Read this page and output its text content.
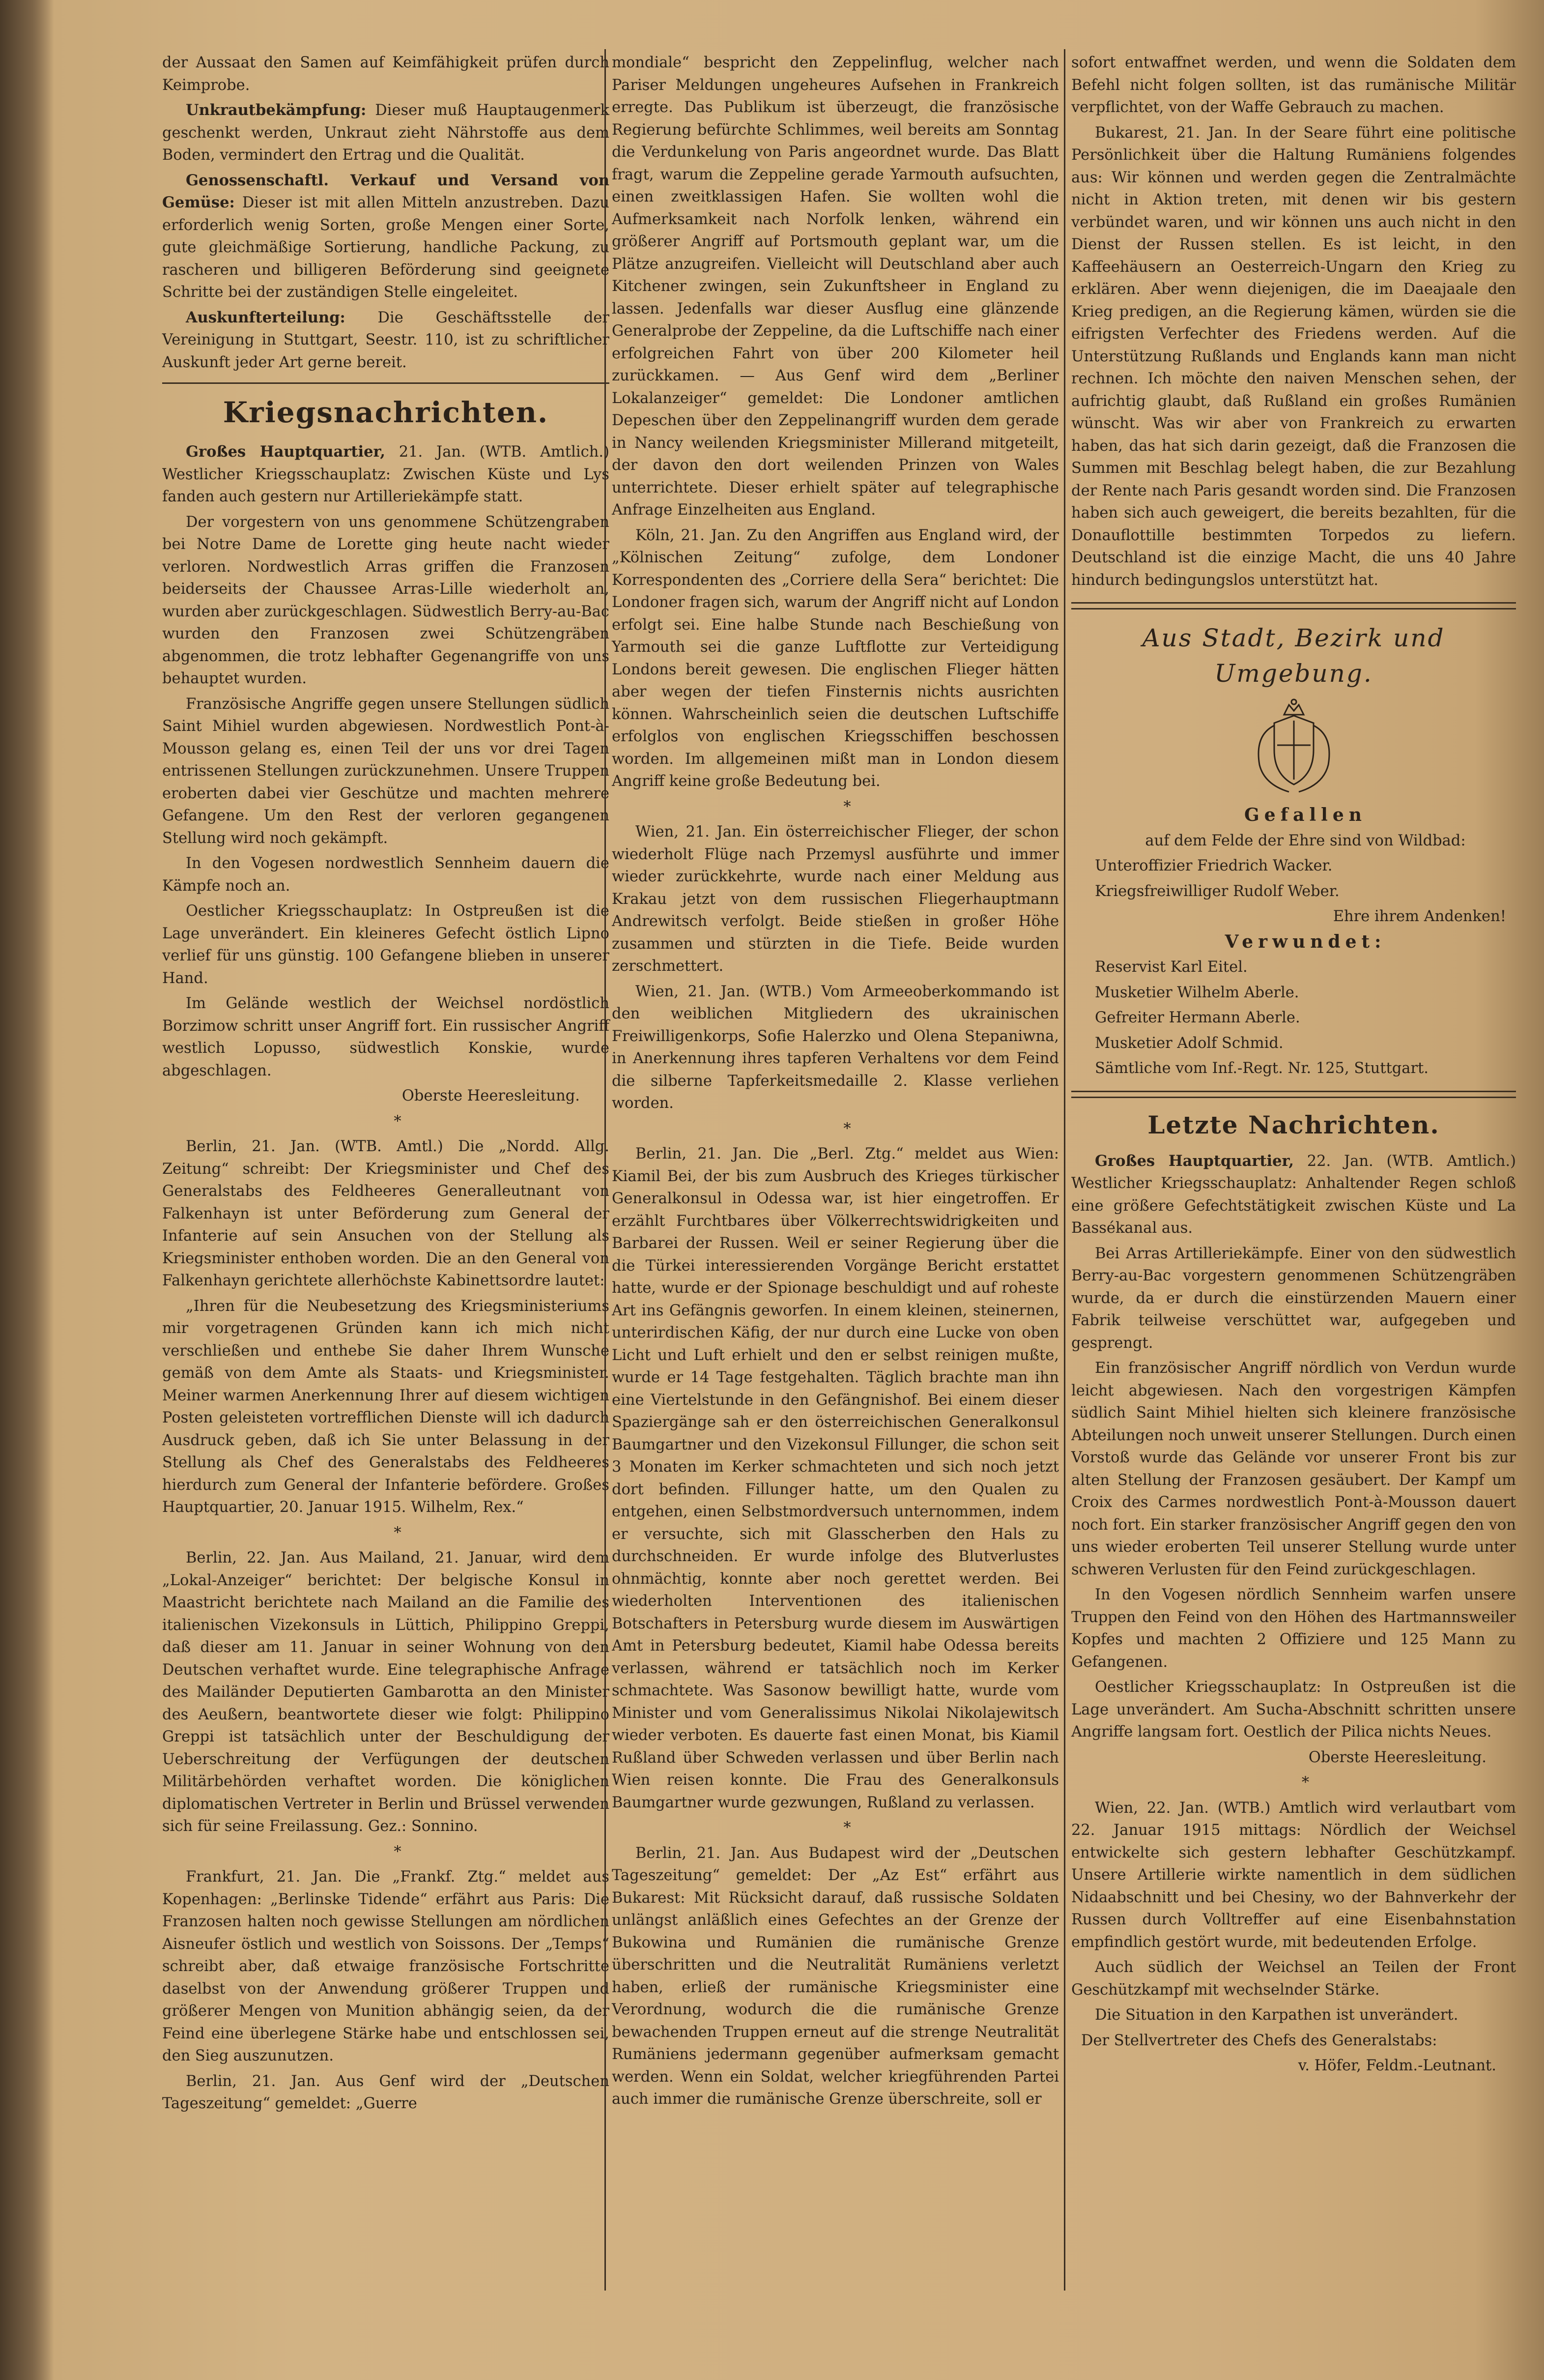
der Aussaat den Samen auf Keimfähigkeit prüfen durch Keimprobe.

Unkrautbekämpfung: Dieser muß Hauptaugenmerk geschenkt werden, Unkraut zieht Nährstoffe aus dem Boden, vermindert den Ertrag und die Qualität.

Genossenschaftl. Verkauf und Versand von Gemüse: Dieser ist mit allen Mitteln anzustreben. Dazu erforderlich wenig Sorten, große Mengen einer Sorte, gute gleichmäßige Sortierung, handliche Packung, zu rascheren und billigeren Beförderung sind geeignete Schritte bei der zuständigen Stelle eingeleitet.

Auskunfterteilung: Die Geschäftsstelle der Vereinigung in Stuttgart, Seestr. 110, ist zu schriftlicher Auskunft jeder Art gerne bereit.

Kriegsnachrichten.

Großes Hauptquartier, 21. Jan. (WTB. Amtlich.) Westlicher Kriegsschauplatz: Zwischen Küste und Lys fanden auch gestern nur Artilleriekämpfe statt.

Der vorgestern von uns genommene Schützengraben bei Notre Dame de Lorette ging heute nacht wieder verloren. Nordwestlich Arras griffen die Franzosen beiderseits der Chaussee Arras-Lille wiederholt an, wurden aber zurückgeschlagen. Südwestlich Berry-au-Bac wurden den Franzosen zwei Schützengräben abgenommen, die trotz lebhafter Gegenangriffe von uns behauptet wurden.

Französische Angriffe gegen unsere Stellungen südlich Saint Mihiel wurden abgewiesen. Nordwestlich Pont-à-Mousson gelang es, einen Teil der uns vor drei Tagen entrissenen Stellungen zurückzunehmen. Unsere Truppen eroberten dabei vier Geschütze und machten mehrere Gefangene. Um den Rest der verloren gegangenen Stellung wird noch gekämpft.

In den Vogesen nordwestlich Sennheim dauern die Kämpfe noch an.

Oestlicher Kriegsschauplatz: In Ostpreußen ist die Lage unverändert. Ein kleineres Gefecht östlich Lipno verlief für uns günstig. 100 Gefangene blieben in unserer Hand.

Im Gelände westlich der Weichsel nordöstlich Borzimow schritt unser Angriff fort. Ein russischer Angriff westlich Lopusso, südwestlich Konskie, wurde abgeschlagen.

Oberste Heeresleitung.

*

Berlin, 21. Jan. (WTB. Amtl.) Die „Nordd. Allg. Zeitung“ schreibt: Der Kriegsminister und Chef des Generalstabs des Feldheeres Generalleutnant von Falkenhayn ist unter Beförderung zum General der Infanterie auf sein Ansuchen von der Stellung als Kriegsminister enthoben worden. Die an den General von Falkenhayn gerichtete allerhöchste Kabinettsordre lautet:

„Ihren für die Neubesetzung des Kriegsministeriums mir vorgetragenen Gründen kann ich mich nicht verschließen und enthebe Sie daher Ihrem Wunsche gemäß von dem Amte als Staats- und Kriegsminister. Meiner warmen Anerkennung Ihrer auf diesem wichtigen Posten geleisteten vortrefflichen Dienste will ich dadurch Ausdruck geben, daß ich Sie unter Belassung in der Stellung als Chef des Generalstabs des Feldheeres hierdurch zum General der Infanterie befördere. Großes Hauptquartier, 20. Januar 1915. Wilhelm, Rex.“

*

Berlin, 22. Jan. Aus Mailand, 21. Januar, wird dem „Lokal-Anzeiger“ berichtet: Der belgische Konsul in Maastricht berichtete nach Mailand an die Familie des italienischen Vizekonsuls in Lüttich, Philippino Greppi, daß dieser am 11. Januar in seiner Wohnung von den Deutschen verhaftet wurde. Eine telegraphische Anfrage des Mailänder Deputierten Gambarotta an den Minister des Aeußern, beantwortete dieser wie folgt: Philippino Greppi ist tatsächlich unter der Beschuldigung der Ueberschreitung der Verfügungen der deutschen Militärbehörden verhaftet worden. Die königlichen diplomatischen Vertreter in Berlin und Brüssel verwenden sich für seine Freilassung. Gez.: Sonnino.

*

Frankfurt, 21. Jan. Die „Frankf. Ztg.“ meldet aus Kopenhagen: „Berlinske Tidende“ erfährt aus Paris: Die Franzosen halten noch gewisse Stellungen am nördlichen Aisneufer östlich und westlich von Soissons. Der „Temps“ schreibt aber, daß etwaige französische Fortschritte daselbst von der Anwendung größerer Truppen und größerer Mengen von Munition abhängig seien, da der Feind eine überlegene Stärke habe und entschlossen sei, den Sieg auszunutzen.

Berlin, 21. Jan. Aus Genf wird der „Deutschen Tageszeitung“ gemeldet: „Guerre

mondiale“ bespricht den Zeppelinflug, welcher nach Pariser Meldungen ungeheures Aufsehen in Frankreich erregte. Das Publikum ist überzeugt, die französische Regierung befürchte Schlimmes, weil bereits am Sonntag die Verdunkelung von Paris angeordnet wurde. Das Blatt fragt, warum die Zeppeline gerade Yarmouth aufsuchten, einen zweitklassigen Hafen. Sie wollten wohl die Aufmerksamkeit nach Norfolk lenken, während ein größerer Angriff auf Portsmouth geplant war, um die Plätze anzugreifen. Vielleicht will Deutschland aber auch Kitchener zwingen, sein Zukunftsheer in England zu lassen. Jedenfalls war dieser Ausflug eine glänzende Generalprobe der Zeppeline, da die Luftschiffe nach einer erfolgreichen Fahrt von über 200 Kilometer heil zurückkamen. — Aus Genf wird dem „Berliner Lokalanzeiger“ gemeldet: Die Londoner amtlichen Depeschen über den Zeppelinangriff wurden dem gerade in Nancy weilenden Kriegsminister Millerand mitgeteilt, der davon den dort weilenden Prinzen von Wales unterrichtete. Dieser erhielt später auf telegraphische Anfrage Einzelheiten aus England.

Köln, 21. Jan. Zu den Angriffen aus England wird, der „Kölnischen Zeitung“ zufolge, dem Londoner Korrespondenten des „Corriere della Sera“ berichtet: Die Londoner fragen sich, warum der Angriff nicht auf London erfolgt sei. Eine halbe Stunde nach Beschießung von Yarmouth sei die ganze Luftflotte zur Verteidigung Londons bereit gewesen. Die englischen Flieger hätten aber wegen der tiefen Finsternis nichts ausrichten können. Wahrscheinlich seien die deutschen Luftschiffe erfolglos von englischen Kriegsschiffen beschossen worden. Im allgemeinen mißt man in London diesem Angriff keine große Bedeutung bei.

*

Wien, 21. Jan. Ein österreichischer Flieger, der schon wiederholt Flüge nach Przemysl ausführte und immer wieder zurückkehrte, wurde nach einer Meldung aus Krakau jetzt von dem russischen Fliegerhauptmann Andrewitsch verfolgt. Beide stießen in großer Höhe zusammen und stürzten in die Tiefe. Beide wurden zerschmettert.

Wien, 21. Jan. (WTB.) Vom Armeeoberkommando ist den weiblichen Mitgliedern des ukrainischen Freiwilligenkorps, Sofie Halerzko und Olena Stepaniwna, in Anerkennung ihres tapferen Verhaltens vor dem Feind die silberne Tapferkeitsmedaille 2. Klasse verliehen worden.

*

Berlin, 21. Jan. Die „Berl. Ztg.“ meldet aus Wien: Kiamil Bei, der bis zum Ausbruch des Krieges türkischer Generalkonsul in Odessa war, ist hier eingetroffen. Er erzählt Furchtbares über Völkerrechtswidrigkeiten und Barbarei der Russen. Weil er seiner Regierung über die die Türkei interessierenden Vorgänge Bericht erstattet hatte, wurde er der Spionage beschuldigt und auf roheste Art ins Gefängnis geworfen. In einem kleinen, steinernen, unterirdischen Käfig, der nur durch eine Lucke von oben Licht und Luft erhielt und den er selbst reinigen mußte, wurde er 14 Tage festgehalten. Täglich brachte man ihn eine Viertelstunde in den Gefängnishof. Bei einem dieser Spaziergänge sah er den österreichischen Generalkonsul Baumgartner und den Vizekonsul Fillunger, die schon seit 3 Monaten im Kerker schmachteten und sich noch jetzt dort befinden. Fillunger hatte, um den Qualen zu entgehen, einen Selbstmordversuch unternommen, indem er versuchte, sich mit Glasscherben den Hals zu durchschneiden. Er wurde infolge des Blutverlustes ohnmächtig, konnte aber noch gerettet werden. Bei wiederholten Interventionen des italienischen Botschafters in Petersburg wurde diesem im Auswärtigen Amt in Petersburg bedeutet, Kiamil habe Odessa bereits verlassen, während er tatsächlich noch im Kerker schmachtete. Was Sasonow bewilligt hatte, wurde vom Minister und vom Generalissimus Nikolai Nikolajewitsch wieder verboten. Es dauerte fast einen Monat, bis Kiamil Rußland über Schweden verlassen und über Berlin nach Wien reisen konnte. Die Frau des Generalkonsuls Baumgartner wurde gezwungen, Rußland zu verlassen.

*

Berlin, 21. Jan. Aus Budapest wird der „Deutschen Tageszeitung“ gemeldet: Der „Az Est“ erfährt aus Bukarest: Mit Rücksicht darauf, daß russische Soldaten unlängst anläßlich eines Gefechtes an der Grenze der Bukowina und Rumänien die rumänische Grenze überschritten und die Neutralität Rumäniens verletzt haben, erließ der rumänische Kriegsminister eine Verordnung, wodurch die die rumänische Grenze bewachenden Truppen erneut auf die strenge Neutralität Rumäniens jedermann gegenüber aufmerksam gemacht werden. Wenn ein Soldat, welcher kriegführenden Partei auch immer die rumänische Grenze überschreite, soll er

sofort entwaffnet werden, und wenn die Soldaten dem Befehl nicht folgen sollten, ist das rumänische Militär verpflichtet, von der Waffe Gebrauch zu machen.

Bukarest, 21. Jan. In der Seare führt eine politische Persönlichkeit über die Haltung Rumäniens folgendes aus: Wir können und werden gegen die Zentralmächte nicht in Aktion treten, mit denen wir bis gestern verbündet waren, und wir können uns auch nicht in den Dienst der Russen stellen. Es ist leicht, in den Kaffeehäusern an Oesterreich-Ungarn den Krieg zu erklären. Aber wenn diejenigen, die im Daeajaale den Krieg predigen, an die Regierung kämen, würden sie die eifrigsten Verfechter des Friedens werden. Auf die Unterstützung Rußlands und Englands kann man nicht rechnen. Ich möchte den naiven Menschen sehen, der aufrichtig glaubt, daß Rußland ein großes Rumänien wünscht. Was wir aber von Frankreich zu erwarten haben, das hat sich darin gezeigt, daß die Franzosen die Summen mit Beschlag belegt haben, die zur Bezahlung der Rente nach Paris gesandt worden sind. Die Franzosen haben sich auch geweigert, die bereits bezahlten, für die Donauflottille bestimmten Torpedos zu liefern. Deutschland ist die einzige Macht, die uns 40 Jahre hindurch bedingungslos unterstützt hat.

Aus Stadt, Bezirk und Umgebung.

Gefallen

auf dem Felde der Ehre sind von Wildbad:

Unteroffizier Friedrich Wacker.

Kriegsfreiwilliger Rudolf Weber.

Ehre ihrem Andenken!

Verwundet:

Reservist Karl Eitel.

Musketier Wilhelm Aberle.

Gefreiter Hermann Aberle.

Musketier Adolf Schmid.

Sämtliche vom Inf.-Regt. Nr. 125, Stuttgart.

Letzte Nachrichten.

Großes Hauptquartier, 22. Jan. (WTB. Amtlich.) Westlicher Kriegsschauplatz: Anhaltender Regen schloß eine größere Gefechtstätigkeit zwischen Küste und La Bassékanal aus.

Bei Arras Artilleriekämpfe. Einer von den südwestlich Berry-au-Bac vorgestern genommenen Schützengräben wurde, da er durch die einstürzenden Mauern einer Fabrik teilweise verschüttet war, aufgegeben und gesprengt.

Ein französischer Angriff nördlich von Verdun wurde leicht abgewiesen. Nach den vorgestrigen Kämpfen südlich Saint Mihiel hielten sich kleinere französische Abteilungen noch unweit unserer Stellungen. Durch einen Vorstoß wurde das Gelände vor unserer Front bis zur alten Stellung der Franzosen gesäubert. Der Kampf um Croix des Carmes nordwestlich Pont-à-Mousson dauert noch fort. Ein starker französischer Angriff gegen den von uns wieder eroberten Teil unserer Stellung wurde unter schweren Verlusten für den Feind zurückgeschlagen.

In den Vogesen nördlich Sennheim warfen unsere Truppen den Feind von den Höhen des Hartmannsweiler Kopfes und machten 2 Offiziere und 125 Mann zu Gefangenen.

Oestlicher Kriegsschauplatz: In Ostpreußen ist die Lage unverändert. Am Sucha-Abschnitt schritten unsere Angriffe langsam fort. Oestlich der Pilica nichts Neues.

Oberste Heeresleitung.

*

Wien, 22. Jan. (WTB.) Amtlich wird verlautbart vom 22. Januar 1915 mittags: Nördlich der Weichsel entwickelte sich gestern lebhafter Geschützkampf. Unsere Artillerie wirkte namentlich in dem südlichen Nidaabschnitt und bei Chesiny, wo der Bahnverkehr der Russen durch Volltreffer auf eine Eisenbahnstation empfindlich gestört wurde, mit bedeutenden Erfolge.

Auch südlich der Weichsel an Teilen der Front Geschützkampf mit wechselnder Stärke.

Die Situation in den Karpathen ist unverändert.

Der Stellvertreter des Chefs des Generalstabs:

v. Höfer, Feldm.-Leutnant.
